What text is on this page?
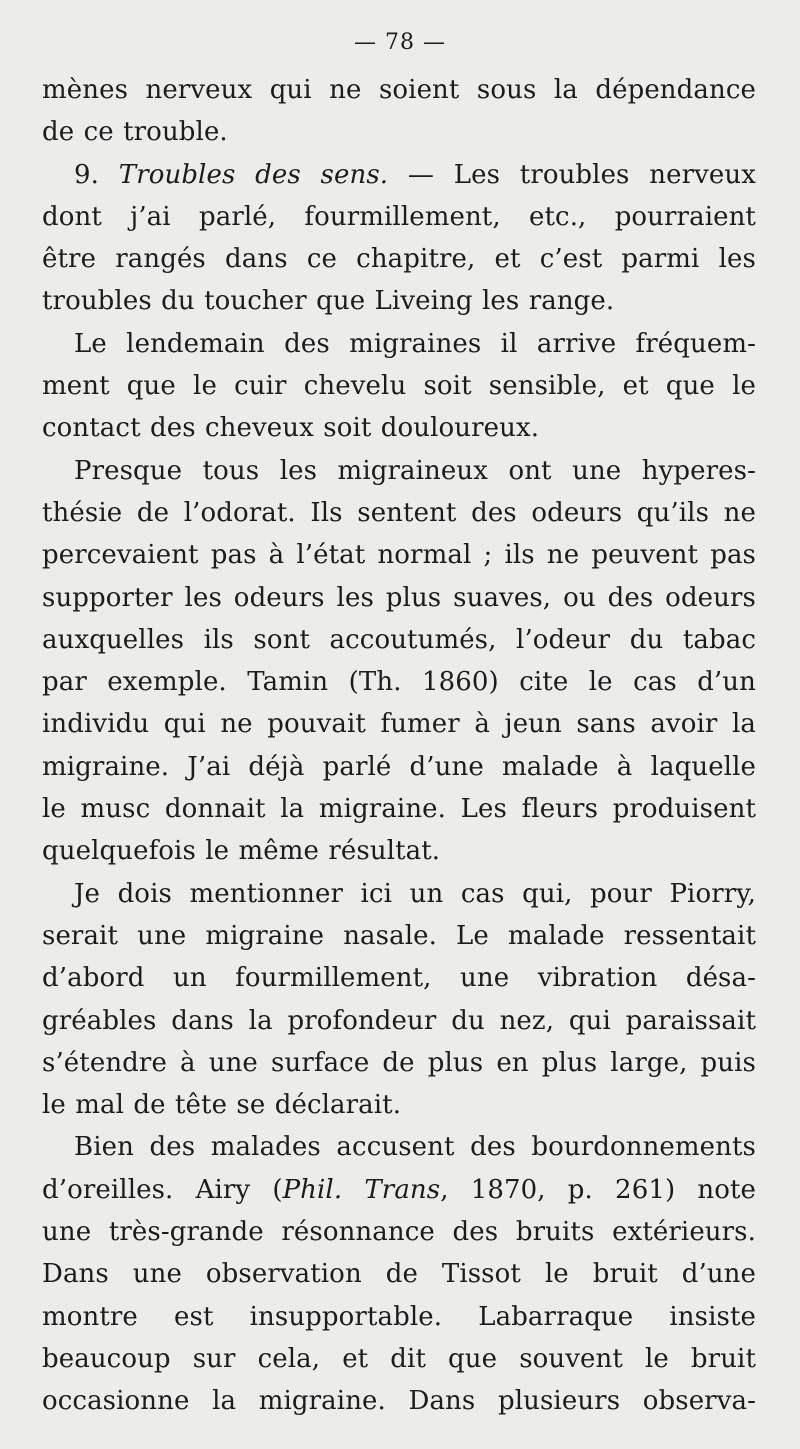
— 78 —
mènes nerveux qui ne soient sous la dépendance
de ce trouble.
9. Troubles des sens. — Les troubles nerveux
dont j’ai parlé, fourmillement, etc., pourraient
être rangés dans ce chapitre, et c’est parmi les
troubles du toucher que Liveing les range.
Le lendemain des migraines il arrive fréquem-
ment que le cuir chevelu soit sensible, et que le
contact des cheveux soit douloureux.
Presque tous les migraineux ont une hyperes-
thésie de l’odorat. Ils sentent des odeurs qu’ils ne
percevaient pas à l’état normal ; ils ne peuvent pas
supporter les odeurs les plus suaves, ou des odeurs
auxquelles ils sont accoutumés, l’odeur du tabac
par exemple. Tamin (Th. 1860) cite le cas d’un
individu qui ne pouvait fumer à jeun sans avoir la
migraine. J’ai déjà parlé d’une malade à laquelle
le musc donnait la migraine. Les fleurs produisent
quelquefois le même résultat.
Je dois mentionner ici un cas qui, pour Piorry,
serait une migraine nasale. Le malade ressentait
d’abord un fourmillement, une vibration désa-
gréables dans la profondeur du nez, qui paraissait
s’étendre à une surface de plus en plus large, puis
le mal de tête se déclarait.
Bien des malades accusent des bourdonnements
d’oreilles. Airy (Phil. Trans, 1870, p. 261) note
une très-grande résonnance des bruits extérieurs.
Dans une observation de Tissot le bruit d’une
montre est insupportable. Labarraque insiste
beaucoup sur cela, et dit que souvent le bruit
occasionne la migraine. Dans plusieurs observa-
